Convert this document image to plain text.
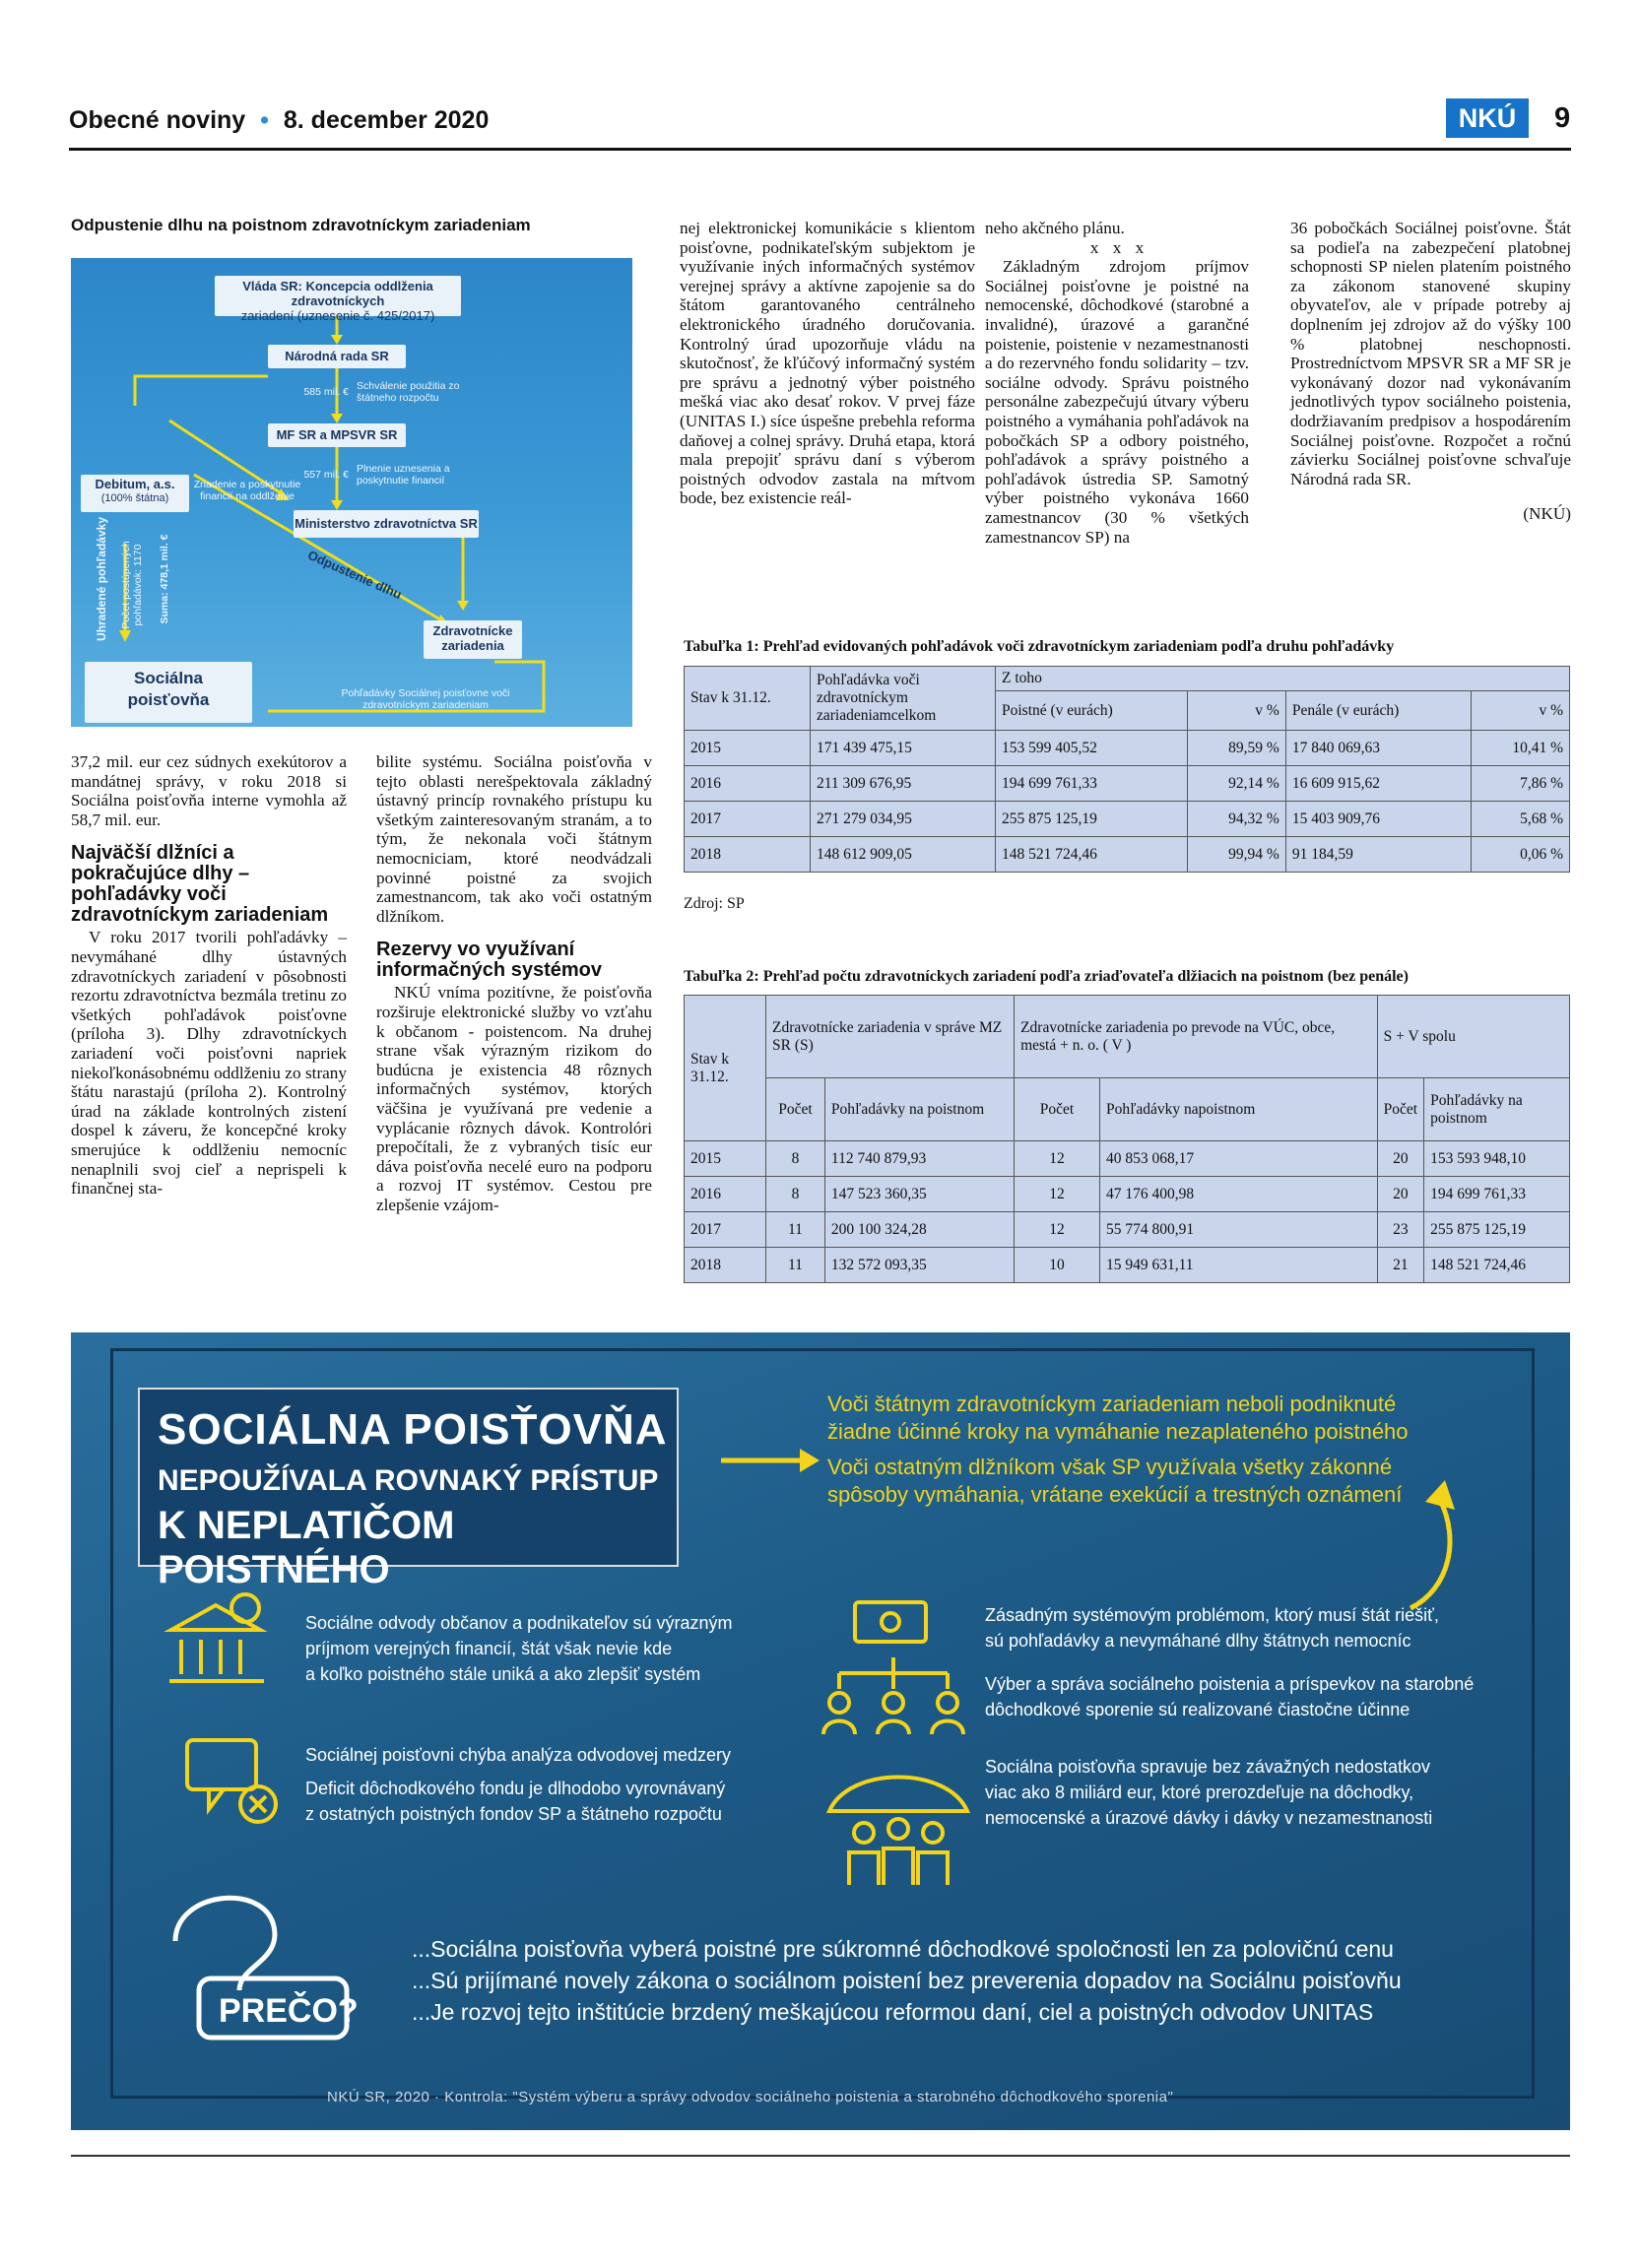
Obecné noviny • 8. december 2020	NKÚ	9
Odpustenie dlhu na poistnom zdravotníckym zariadeniam
Vláda SR: Koncepcia oddlženia zdravotníckych
zariadení (uznesenie č. 425/2017)
Národná rada SR
585 mil. € Schválenie použitia zo štátneho rozpočtu
MF SR a MPSVR SR
557 mil. € Plnenie uznesenia a poskytnutie financií
Debitum, a.s.
(100% štátna)
Zriadenie a poskytnutie financií na oddlženie
Ministerstvo zdravotníctva SR
Uhradené pohľadávky Počet postúpených pohľadávok: 1170 Suma: 478,1 mil. €	Odpustenie dlhu
Zdravotnícke
zariadenia
Sociálna
poisťovňa	Pohľadávky Sociálnej poisťovne voči zdravotníckym zariadeniam

nej elektronickej komunikácie s klientom poisťovne, podnikateľským subjektom je využívanie iných informačných systémov verejnej správy a aktívne zapojenie sa do štátom garantovaného centrálneho elektronického úradného doručovania. Kontrolný úrad upozorňuje vládu na skutočnosť, že kľúčový informačný systém pre správu a jednotný výber poistného mešká viac ako desať rokov. V prvej fáze (UNITAS I.) síce úspešne prebehla reforma daňovej a colnej správy. Druhá etapa, ktorá mala prepojiť správu daní s výberom poistných odvodov zastala na mŕtvom bode, bez existencie reál-

neho akčného plánu.

x x x

Základným zdrojom príjmov Sociálnej poisťovne je poistné na nemocenské, dôchodkové (starobné a invalidné), úrazové a garančné poistenie, poistenie v nezamestnanosti a do rezervného fondu solidarity – tzv. sociálne odvody. Správu poistného personálne zabezpečujú útvary výberu poistného a vymáhania pohľadávok na pobočkách SP a odbory poistného, pohľadávok a správy poistného a pohľadávok ústredia SP. Samotný výber poistného vykonáva 1660 zamestnancov (30 % všetkých zamestnancov SP) na

36 pobočkách Sociálnej poisťovne. Štát sa podieľa na zabezpečení platobnej schopnosti SP nielen platením poistného za zákonom stanovené skupiny obyvateľov, ale v prípade potreby aj doplnením jej zdrojov až do výšky 100 % platobnej neschopnosti. Prostredníctvom MPSVR SR a MF SR je vykonávaný dozor nad vykonávaním jednotlivých typov sociálneho poistenia, dodržiavaním predpisov a hospodárením Sociálnej poisťovne. Rozpočet a ročnú závierku Sociálnej poisťovne schvaľuje Národná rada SR.

(NKÚ)

Tabuľka 1: Prehľad evidovaných pohľadávok voči zdravotníckym zariadeniam podľa druhu pohľadávky
Stav k 31.12.	Pohľadávka voči zdravotníckym zariadeniamcelkom	Z toho			
		Poistné (v eurách)	v %	Penále (v eurách)	v %
2015	171 439 475,15	153 599 405,52	89,59 %	17 840 069,63	10,41 %
2016	211 309 676,95	194 699 761,33	92,14 %	16 609 915,62	7,86 %
2017	271 279 034,95	255 875 125,19	94,32 %	15 403 909,76	5,68 %
2018	148 612 909,05	148 521 724,46	99,94 %	91 184,59	0,06 %
Zdroj: SP
Tabuľka 2: Prehľad počtu zdravotníckych zariadení podľa zriaďovateľa dlžiacich na poistnom (bez penále)
Stav k 31.12.	Zdravotnícke zariadenia v správe MZ SR (S)		Zdravotnícke zariadenia po prevode na VÚC, obce, mestá + n. o. ( V )		S + V spolu	
	Počet	Pohľadávky na poistnom	Počet	Pohľadávky napoistnom	Počet	Pohľadávky na poistnom
2015	8	112 740 879,93	12	40 853 068,17	20	153 593 948,10
2016	8	147 523 360,35	12	47 176 400,98	20	194 699 761,33
2017	11	200 100 324,28	12	55 774 800,91	23	255 875 125,19
2018	11	132 572 093,35	10	15 949 631,11	21	148 521 724,46

37,2 mil. eur cez súdnych exekútorov a mandátnej správy, v roku 2018 si Sociálna poisťovňa interne vymohla až 58,7 mil. eur.

Najväčší dlžníci a pokračujúce dlhy – pohľadávky voči zdravotníckym zariadeniam

V roku 2017 tvorili pohľadávky – nevymáhané dlhy ústavných zdravotníckych zariadení v pôsobnosti rezortu zdravotníctva bezmála tretinu zo všetkých pohľadávok poisťovne (príloha 3). Dlhy zdravotníckych zariadení voči poisťovni napriek niekoľkonásobnému oddlženiu zo strany štátu narastajú (príloha 2). Kontrolný úrad na základe kontrolných zistení dospel k záveru, že koncepčné kroky smerujúce k oddlženiu nemocníc nenaplnili svoj cieľ a neprispeli k finančnej sta-

bilite systému. Sociálna poisťovňa v tejto oblasti nerešpektovala základný ústavný princíp rovnakého prístupu ku všetkým zainteresovaným stranám, a to tým, že nekonala voči štátnym nemocniciam, ktoré neodvádzali povinné poistné za svojich zamestnancom, tak ako voči ostatným dlžníkom.

Rezervy vo využívaní informačných systémov

NKÚ vníma pozitívne, že poisťovňa rozširuje elektronické služby vo vzťahu k občanom - poistencom. Na druhej strane však výrazným rizikom do budúcna je existencia 48 rôznych informačných systémov, ktorých väčšina je využívaná pre vedenie a vyplácanie rôznych dávok. Kontrolóri prepočítali, že z vybraných tisíc eur dáva poisťovňa necelé euro na podporu a rozvoj IT systémov. Cestou pre zlepšenie vzájom-

SOCIÁLNA POISŤOVŇA
NEPOUŽÍVALA ROVNAKÝ PRÍSTUP
K NEPLATIČOM POISTNÉHO
Voči štátnym zdravotníckym zariadeniam neboli podniknuté
žiadne účinné kroky na vymáhanie nezaplateného poistného
Voči ostatným dlžníkom však SP využívala všetky zákonné
spôsoby vymáhania, vrátane exekúcií a trestných oznámení
PREČO?
Sociálne odvody občanov a podnikateľov sú výrazným
príjmom verejných financií, štát však nevie kde
a koľko poistného stále uniká a ako zlepšiť systém
Sociálnej poisťovni chýba analýza odvodovej medzery
Deficit dôchodkového fondu je dlhodobo vyrovnávaný
z ostatných poistných fondov SP a štátneho rozpočtu
Zásadným systémovým problémom, ktorý musí štát riešiť,
sú pohľadávky a nevymáhané dlhy štátnych nemocníc
Výber a správa sociálneho poistenia a príspevkov na starobné
dôchodkové sporenie sú realizované čiastočne účinne
Sociálna poisťovňa spravuje bez závažných nedostatkov
viac ako 8 miliárd eur, ktoré prerozdeľuje na dôchodky,
nemocenské a úrazové dávky i dávky v nezamestnanosti
...Sociálna poisťovňa vyberá poistné pre súkromné dôchodkové spoločnosti len za polovičnú cenu
...Sú prijímané novely zákona o sociálnom poistení bez preverenia dopadov na Sociálnu poisťovňu
...Je rozvoj tejto inštitúcie brzdený meškajúcou reformou daní, ciel a poistných odvodov UNITAS
NKÚ SR, 2020 · Kontrola: "Systém výberu a správy odvodov sociálneho poistenia a starobného dôchodkového sporenia"
